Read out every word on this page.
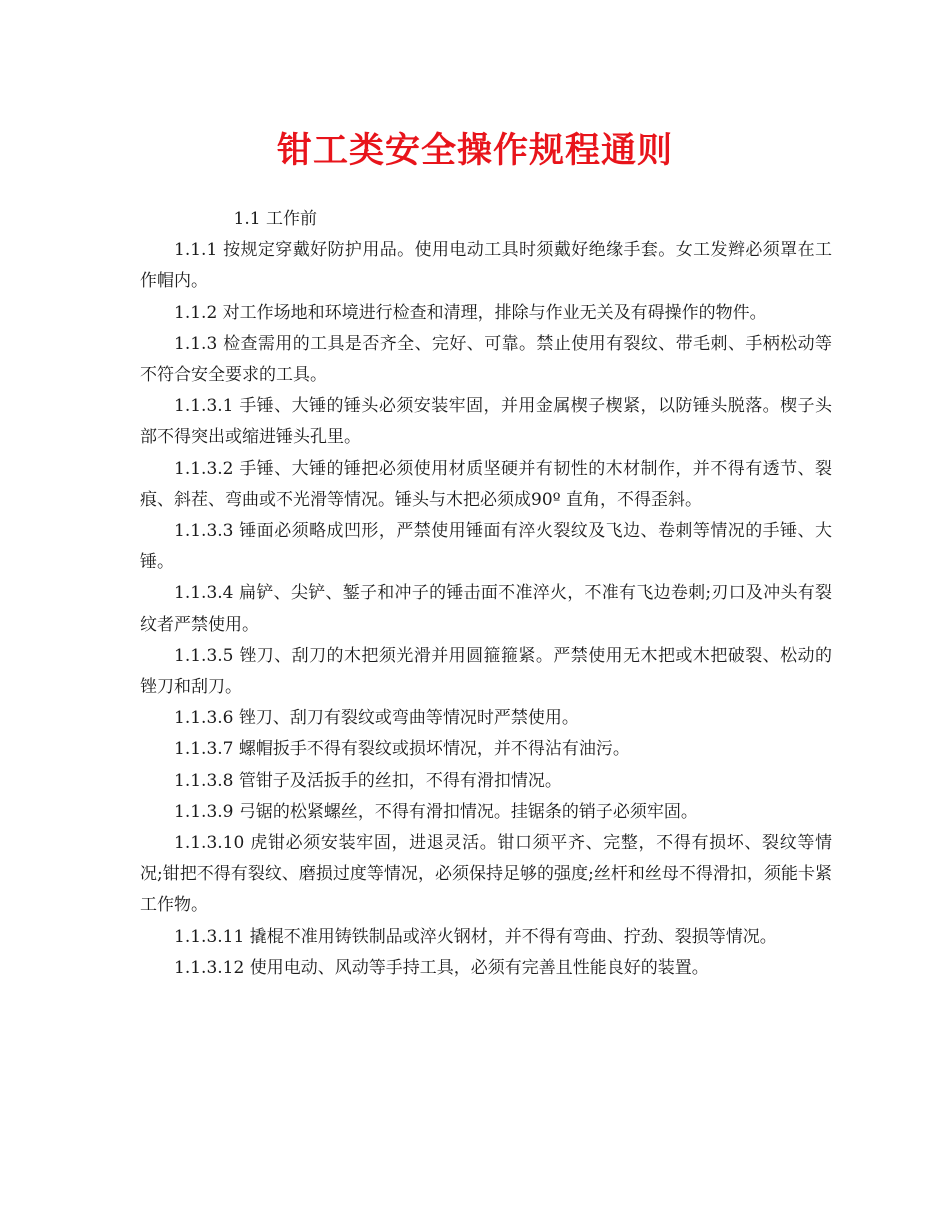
钳工类安全操作规程通则

1.1 工作前

1.1.1 按规定穿戴好防护用品。使用电动工具时须戴好绝缘手套。女工发辫必须罩在工作帽内。

1.1.2 对工作场地和环境进行检查和清理，排除与作业无关及有碍操作的物件。

1.1.3 检查需用的工具是否齐全、完好、可靠。禁止使用有裂纹、带毛刺、手柄松动等不符合安全要求的工具。

1.1.3.1 手锤、大锤的锤头必须安装牢固，并用金属楔子楔紧，以防锤头脱落。楔子头部不得突出或缩进锤头孔里。

1.1.3.2 手锤、大锤的锤把必须使用材质坚硬并有韧性的木材制作，并不得有透节、裂痕、斜茬、弯曲或不光滑等情况。锤头与木把必须成90º 直角，不得歪斜。

1.1.3.3 锤面必须略成凹形，严禁使用锤面有淬火裂纹及飞边、卷刺等情况的手锤、大锤。

1.1.3.4 扁铲、尖铲、錾子和冲子的锤击面不准淬火，不准有飞边卷刺;刃口及冲头有裂纹者严禁使用。

1.1.3.5 锉刀、刮刀的木把须光滑并用圆箍箍紧。严禁使用无木把或木把破裂、松动的锉刀和刮刀。

1.1.3.6 锉刀、刮刀有裂纹或弯曲等情况时严禁使用。

1.1.3.7 螺帽扳手不得有裂纹或损坏情况，并不得沾有油污。

1.1.3.8 管钳子及活扳手的丝扣，不得有滑扣情况。

1.1.3.9 弓锯的松紧螺丝，不得有滑扣情况。挂锯条的销子必须牢固。

1.1.3.10 虎钳必须安装牢固，进退灵活。钳口须平齐、完整，不得有损坏、裂纹等情况;钳把不得有裂纹、磨损过度等情况，必须保持足够的强度;丝杆和丝母不得滑扣，须能卡紧工作物。

1.1.3.11 撬棍不准用铸铁制品或淬火钢材，并不得有弯曲、拧劲、裂损等情况。

1.1.3.12 使用电动、风动等手持工具，必须有完善且性能良好的装置。
